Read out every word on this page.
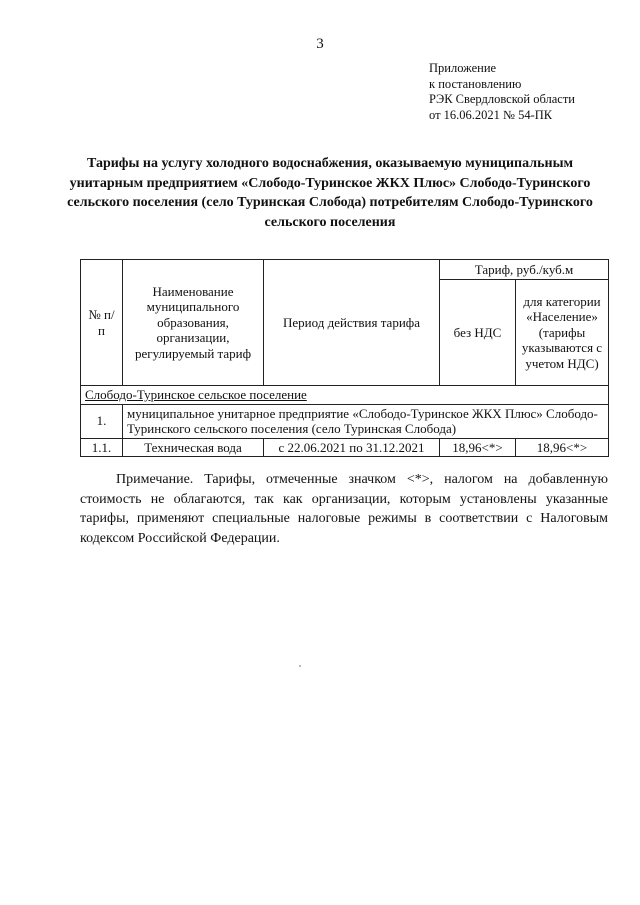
3
Приложение
к постановлению
РЭК Свердловской области
от 16.06.2021 № 54-ПК
Тарифы на услугу холодного водоснабжения, оказываемую муниципальным унитарным предприятием «Слободо-Туринское ЖКХ Плюс» Слободо-Туринского сельского поселения (село Туринская Слобода) потребителям Слободо-Туринского сельского поселения
№ п/п	Наименование муниципального образования, организации, регулируемый тариф	Период действия тарифа	Тариф, руб./куб.м	
			без НДС	для категории «Население» (тарифы указываются с учетом НДС)
Слободо-Туринское сельское поселение				
1.	муниципальное унитарное предприятие «Слободо-Туринское ЖКХ Плюс» Слободо-Туринского сельского поселения (село Туринская Слобода)			
1.1.	Техническая вода	с 22.06.2021 по 31.12.2021	18,96<*>	18,96<*>
Примечание. Тарифы, отмеченные значком <*>, налогом на добавленную стоимость не облагаются, так как организации, которым установлены указанные тарифы, применяют специальные налоговые режимы в соответствии с Налоговым кодексом Российской Федерации.
